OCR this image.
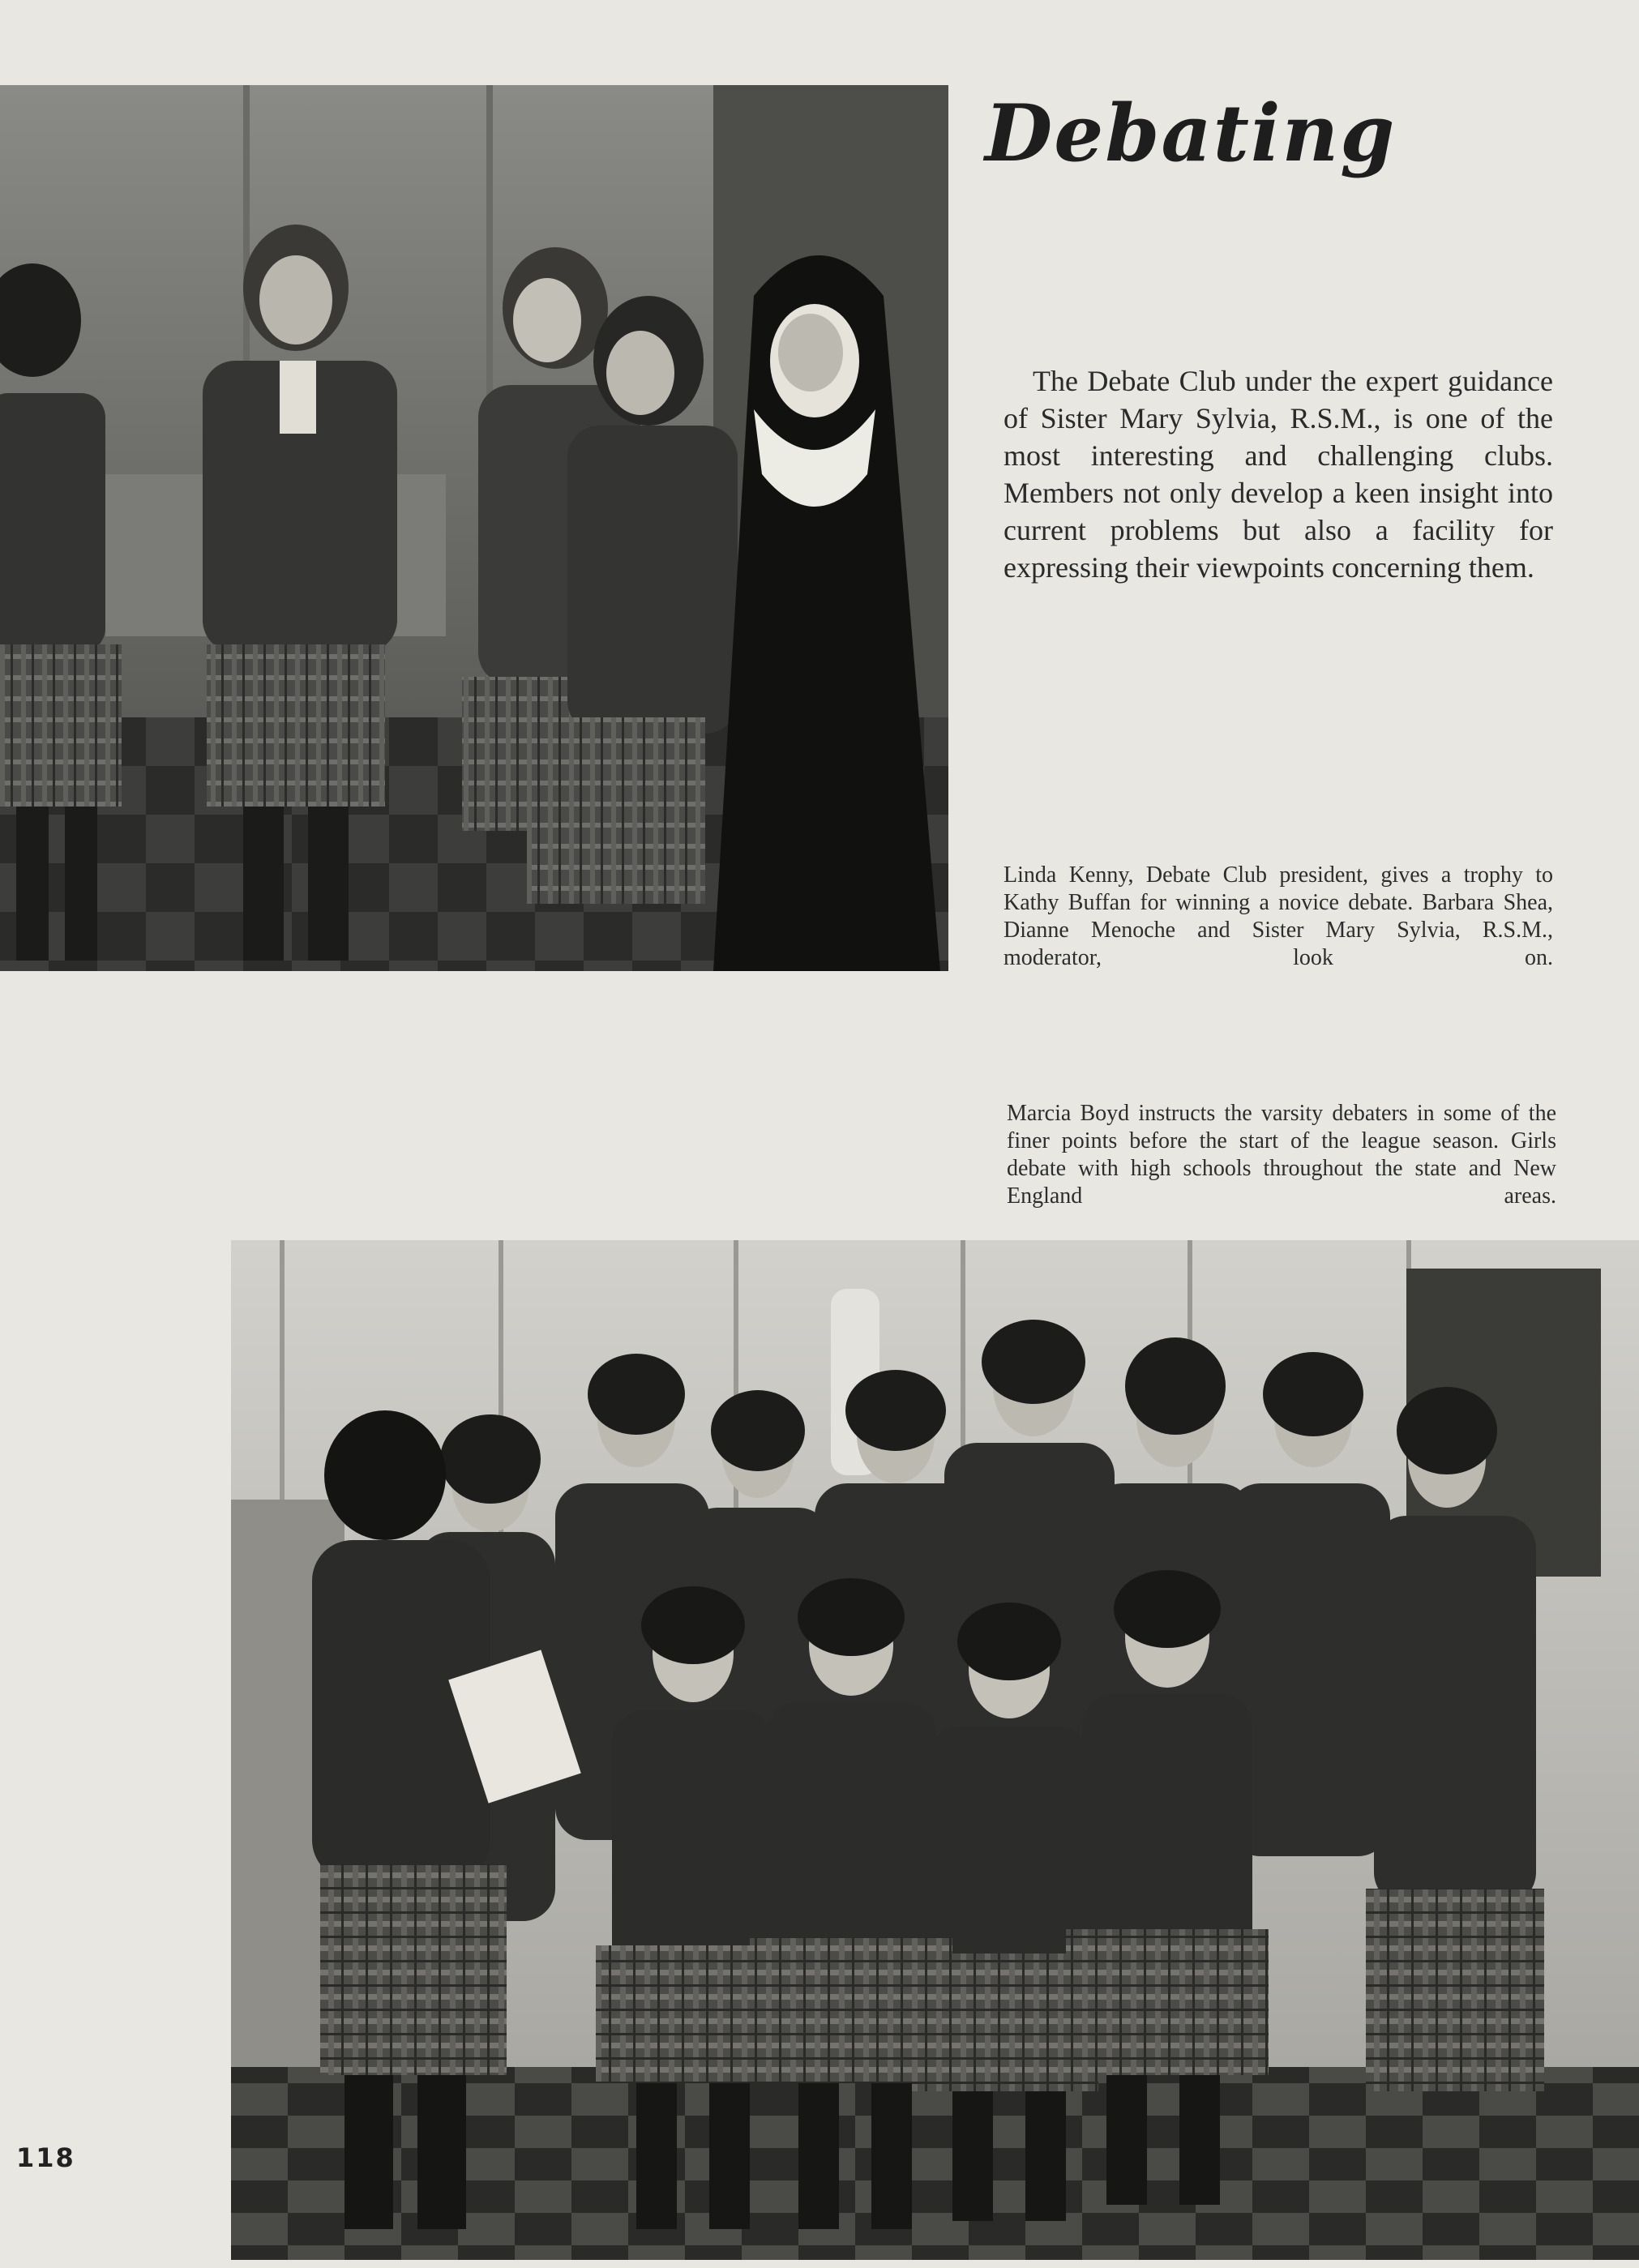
Debating
The Debate Club under the expert guidance of Sister Mary Sylvia, R.S.M., is one of the most interesting and challenging clubs. Members not only develop a keen insight into current problems but also a facility for expressing their viewpoints concerning them.
Linda Kenny, Debate Club president, gives a trophy to Kathy Buffan for winning a novice debate. Barbara Shea, Dianne Menoche and Sister Mary Sylvia, R.S.M., moderator, look on.
Marcia Boyd instructs the varsity debaters in some of the finer points before the start of the league season. Girls debate with high schools throughout the state and New England areas.
118
